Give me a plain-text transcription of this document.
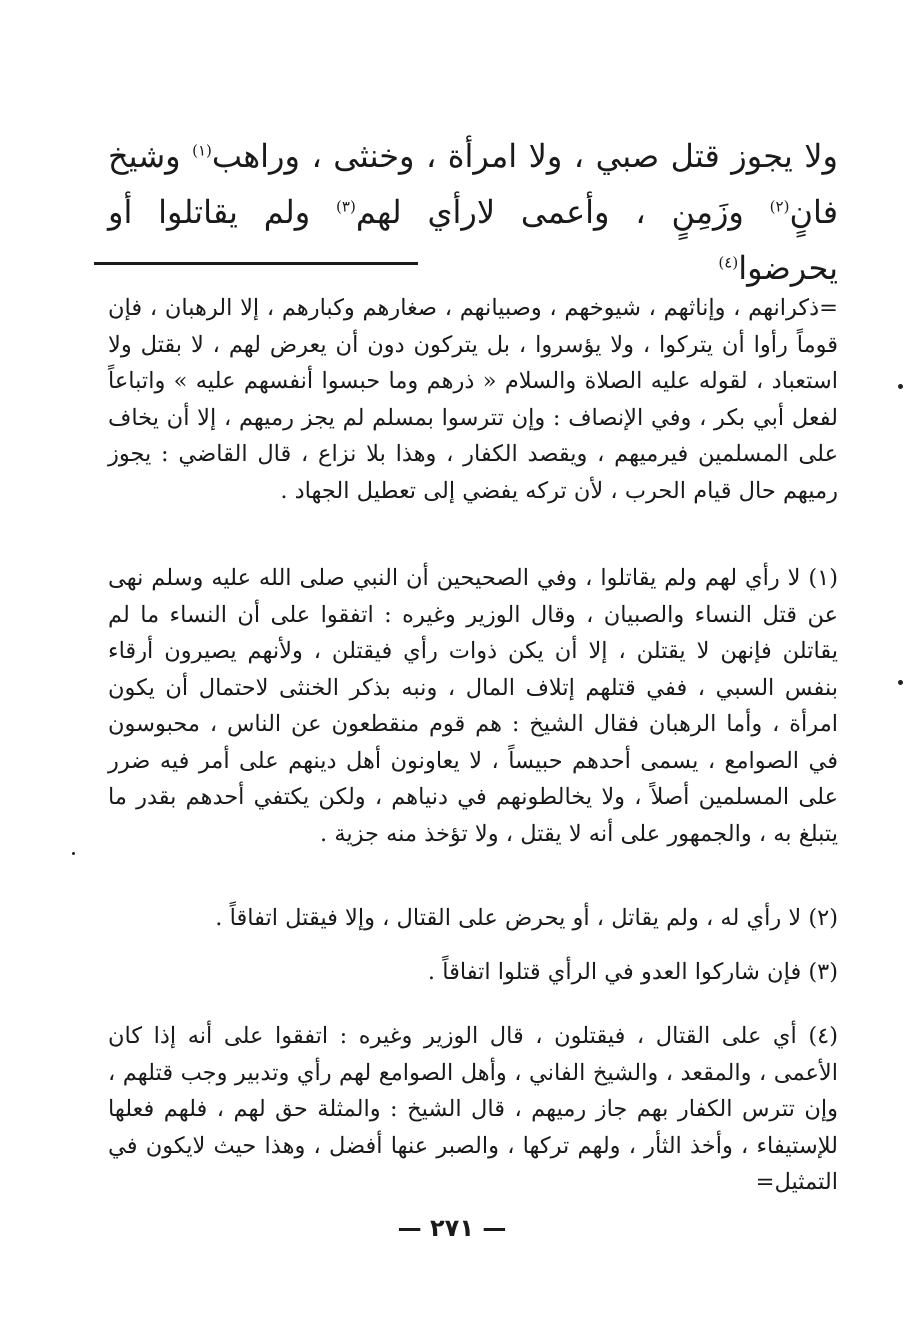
ولا يجوز قتل صبي ، ولا امرأة ، وخنثى ، وراهب$^{(١)}$ وشيخ فانٍ$^{(٢)}$ وزَمِنٍ ، وأعمى لارأي لهم$^{(٣)}$ ولم يقاتلوا أو يحرضوا$^{(٤)}$

=ذكرانهم ، وإناثهم ، شيوخهم ، وصبيانهم ، صغارهم وكبارهم ، إلا الرهبان ، فإن قوماً رأوا أن يتركوا ، ولا يؤسروا ، بل يتركون دون أن يعرض لهم ، لا بقتل ولا استعباد ، لقوله عليه الصلاة والسلام « ذرهم وما حبسوا أنفسهم عليه » واتباعاً لفعل أبي بكر ، وفي الإنصاف : وإن تترسوا بمسلم لم يجز رميهم ، إلا أن يخاف على المسلمين فيرميهم ، ويقصد الكفار ، وهذا بلا نزاع ، قال القاضي : يجوز رميهم حال قيام الحرب ، لأن تركه يفضي إلى تعطيل الجهاد .

(١) لا رأي لهم ولم يقاتلوا ، وفي الصحيحين أن النبي صلى الله عليه وسلم نهى عن قتل النساء والصبيان ، وقال الوزير وغيره : اتفقوا على أن النساء ما لم يقاتلن فإنهن لا يقتلن ، إلا أن يكن ذوات رأي فيقتلن ، ولأنهم يصيرون أرقاء بنفس السبي ، ففي قتلهم إتلاف المال ، ونبه بذكر الخنثى لاحتمال أن يكون امرأة ، وأما الرهبان فقال الشيخ : هم قوم منقطعون عن الناس ، محبوسون في الصوامع ، يسمى أحدهم حبيساً ، لا يعاونون أهل دينهم على أمر فيه ضرر على المسلمين أصلاً ، ولا يخالطونهم في دنياهم ، ولكن يكتفي أحدهم بقدر ما يتبلغ به ، والجمهور على أنه لا يقتل ، ولا تؤخذ منه جزية .

(٢) لا رأي له ، ولم يقاتل ، أو يحرض على القتال ، وإلا فيقتل اتفاقاً .

(٣) فإن شاركوا العدو في الرأي قتلوا اتفاقاً .

(٤) أي على القتال ، فيقتلون ، قال الوزير وغيره : اتفقوا على أنه إذا كان الأعمى ، والمقعد ، والشيخ الفاني ، وأهل الصوامع لهم رأي وتدبير وجب قتلهم ، وإن تترس الكفار بهم جاز رميهم ، قال الشيخ : والمثلة حق لهم ، فلهم فعلها للإستيفاء ، وأخذ الثأر ، ولهم تركها ، والصبر عنها أفضل ، وهذا حيث لايكون في التمثيل=

— ٢٧١ —
